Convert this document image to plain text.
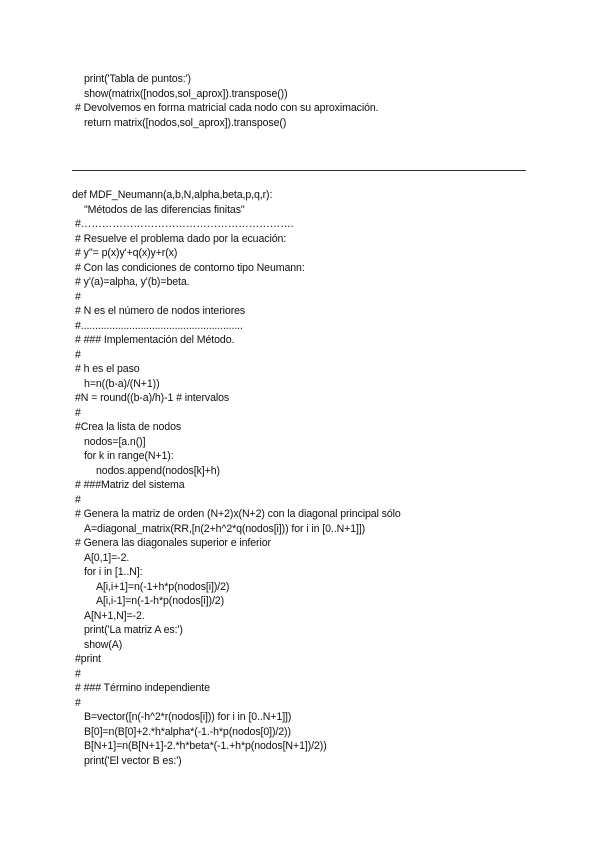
print('Tabla de puntos:')
show(matrix([nodos,sol_aprox]).transpose())
# Devolvemos en forma matricial cada nodo con su aproximación.
return matrix([nodos,sol_aprox]).transpose()
def MDF_Neumann(a,b,N,alpha,beta,p,q,r):
"Métodos de las diferencias finitas"
#…………………………………………………….
# Resuelve el problema dado por la ecuación:
# y''= p(x)y'+q(x)y+r(x)
# Con las condiciones de contorno tipo Neumann:
# y'(a)=alpha, y'(b)=beta.
#
# N es el número de nodos interiores
#.........................................................
# ### Implementación del Método.
#
# h es el paso
h=n((b-a)/(N+1))
#N = round((b-a)/h)-1 # intervalos
#
#Crea la lista de nodos
nodos=[a.n()]
for k in range(N+1):
nodos.append(nodos[k]+h)
# ###Matriz del sistema
#
# Genera la matriz de orden (N+2)x(N+2) con la diagonal principal sólo
A=diagonal_matrix(RR,[n(2+h^2*q(nodos[i])) for i in [0..N+1]])
# Genera las diagonales superior e inferior
A[0,1]=-2.
for i in [1..N]:
A[i,i+1]=n(-1+h*p(nodos[i])/2)
A[i,i-1]=n(-1-h*p(nodos[i])/2)
A[N+1,N]=-2.
print('La matriz A es:')
show(A)
#print
#
# ### Término independiente
#
B=vector([n(-h^2*r(nodos[i])) for i in [0..N+1]])
B[0]=n(B[0]+2.*h*alpha*(-1.-h*p(nodos[0])/2))
B[N+1]=n(B[N+1]-2.*h*beta*(-1.+h*p(nodos[N+1])/2))
print('El vector B es:')
